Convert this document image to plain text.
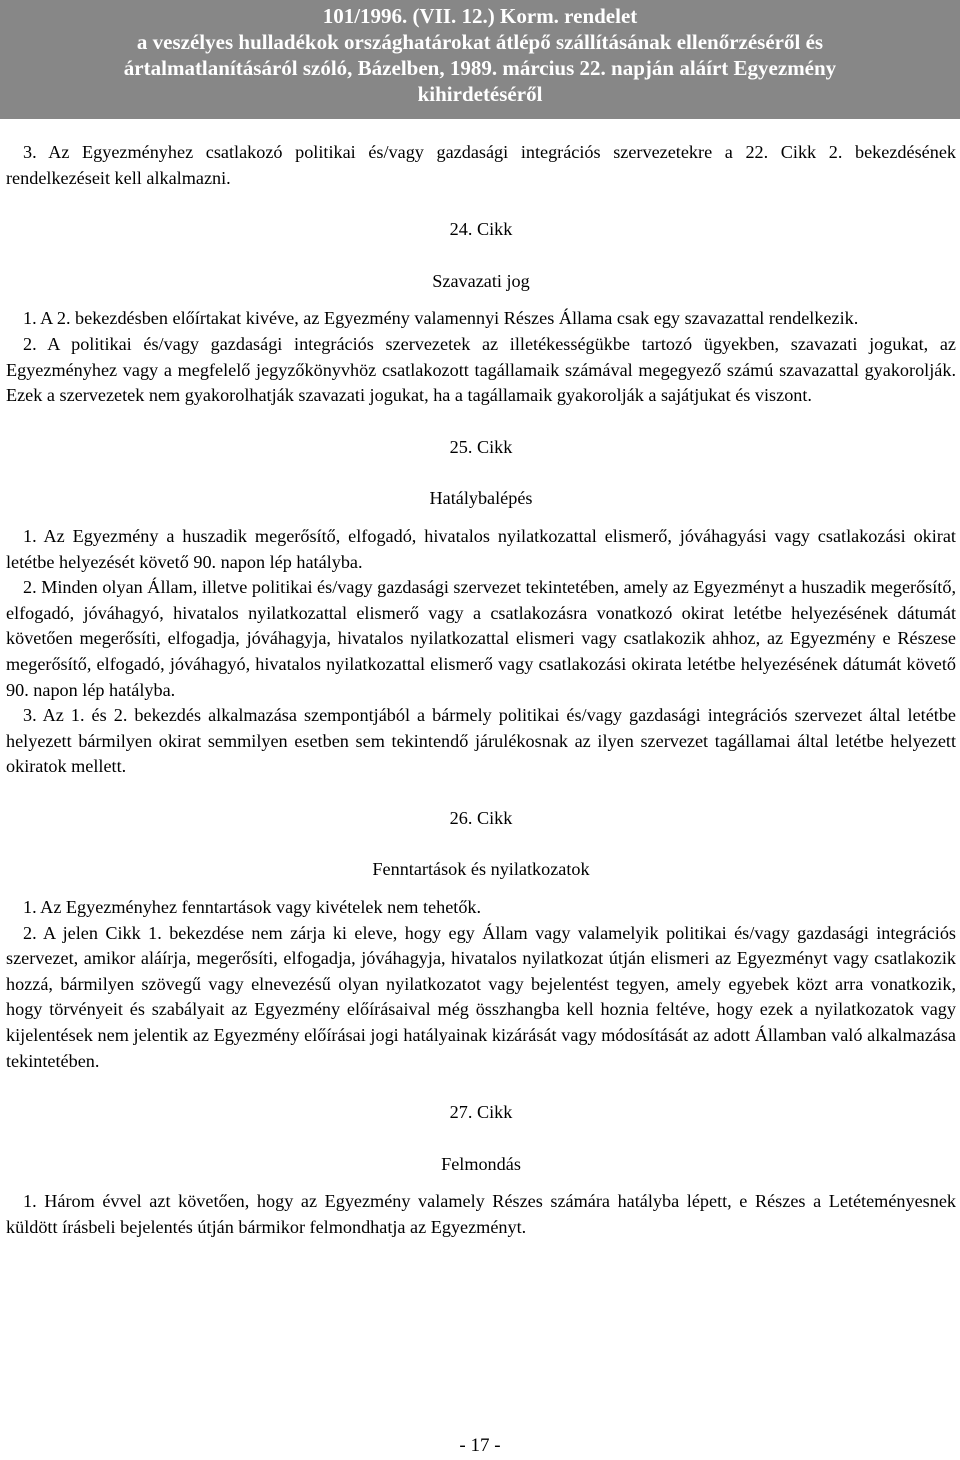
101/1996. (VII. 12.) Korm. rendelet
a veszélyes hulladékok országhatárokat átlépő szállításának ellenőrzéséről és
ártalmatlanításáról szóló, Bázelben, 1989. március 22. napján aláírt Egyezmény
kihirdetéséről

3. Az Egyezményhez csatlakozó politikai és/vagy gazdasági integrációs szervezetekre a 22. Cikk 2. bekezdésének rendelkezéseit kell alkalmazni.

24. Cikk

Szavazati jog

1. A 2. bekezdésben előírtakat kivéve, az Egyezmény valamennyi Részes Állama csak egy szavazattal rendelkezik.

2. A politikai és/vagy gazdasági integrációs szervezetek az illetékességükbe tartozó ügyekben, szavazati jogukat, az Egyezményhez vagy a megfelelő jegyzőkönyvhöz csatlakozott tagállamaik számával megegyező számú szavazattal gyakorolják. Ezek a szervezetek nem gyakorolhatják szavazati jogukat, ha a tagállamaik gyakorolják a sajátjukat és viszont.

25. Cikk

Hatálybalépés

1. Az Egyezmény a huszadik megerősítő, elfogadó, hivatalos nyilatkozattal elismerő, jóváhagyási vagy csatlakozási okirat letétbe helyezését követő 90. napon lép hatályba.

2. Minden olyan Állam, illetve politikai és/vagy gazdasági szervezet tekintetében, amely az Egyezményt a huszadik megerősítő, elfogadó, jóváhagyó, hivatalos nyilatkozattal elismerő vagy a csatlakozásra vonatkozó okirat letétbe helyezésének dátumát követően megerősíti, elfogadja, jóváhagyja, hivatalos nyilatkozattal elismeri vagy csatlakozik ahhoz, az Egyezmény e Részese megerősítő, elfogadó, jóváhagyó, hivatalos nyilatkozattal elismerő vagy csatlakozási okirata letétbe helyezésének dátumát követő 90. napon lép hatályba.

3. Az 1. és 2. bekezdés alkalmazása szempontjából a bármely politikai és/vagy gazdasági integrációs szervezet által letétbe helyezett bármilyen okirat semmilyen esetben sem tekintendő járulékosnak az ilyen szervezet tagállamai által letétbe helyezett okiratok mellett.

26. Cikk

Fenntartások és nyilatkozatok

1. Az Egyezményhez fenntartások vagy kivételek nem tehetők.

2. A jelen Cikk 1. bekezdése nem zárja ki eleve, hogy egy Állam vagy valamelyik politikai és/vagy gazdasági integrációs szervezet, amikor aláírja, megerősíti, elfogadja, jóváhagyja, hivatalos nyilatkozat útján elismeri az Egyezményt vagy csatlakozik hozzá, bármilyen szövegű vagy elnevezésű olyan nyilatkozatot vagy bejelentést tegyen, amely egyebek közt arra vonatkozik, hogy törvényeit és szabályait az Egyezmény előírásaival még összhangba kell hoznia feltéve, hogy ezek a nyilatkozatok vagy kijelentések nem jelentik az Egyezmény előírásai jogi hatályainak kizárását vagy módosítását az adott Államban való alkalmazása tekintetében.

27. Cikk

Felmondás

1. Három évvel azt követően, hogy az Egyezmény valamely Részes számára hatályba lépett, e Részes a Letéteményesnek küldött írásbeli bejelentés útján bármikor felmondhatja az Egyezményt.

- 17 -
